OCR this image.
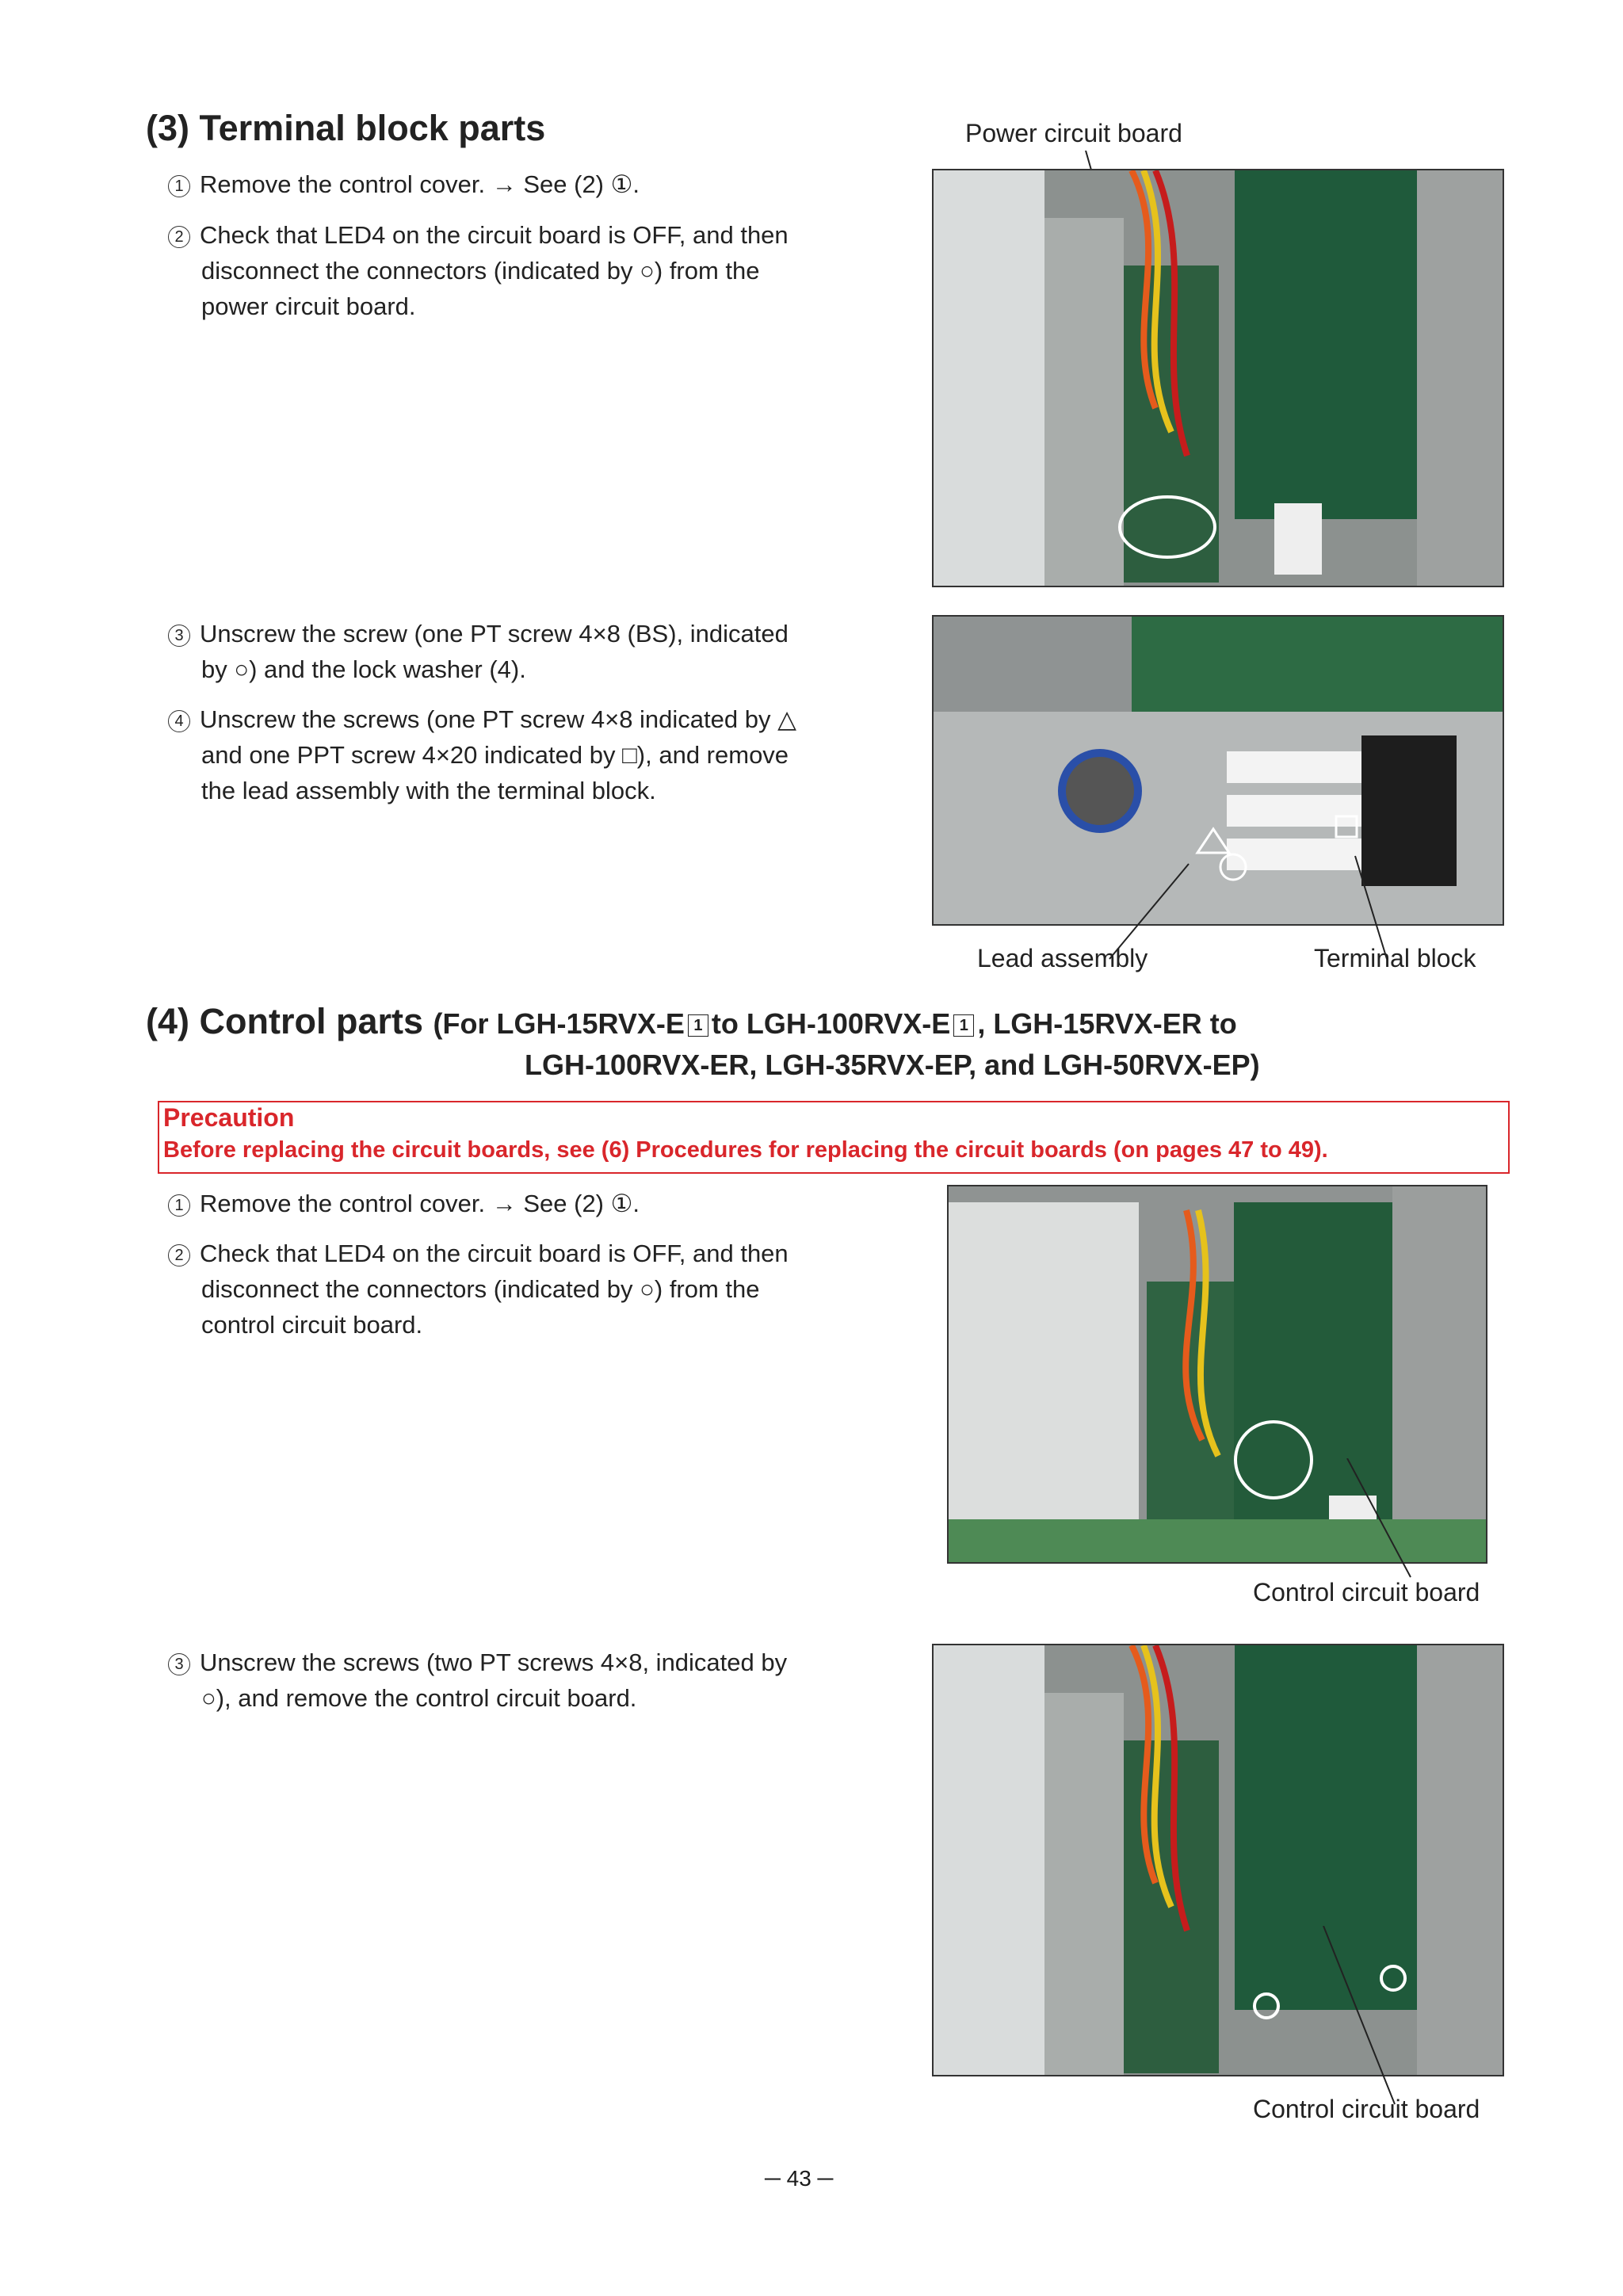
(3) Terminal block parts
1 Remove the control cover. → See (2) ①.
2 Check that LED4 on the circuit board is OFF, and then
disconnect the connectors (indicated by ○) from the
power circuit board.
Power circuit board
3 Unscrew the screw (one PT screw 4×8 (BS), indicated
by ○) and the lock washer (4).
4 Unscrew the screws (one PT screw 4×8 indicated by △
and one PPT screw 4×20 indicated by □), and remove
the lead assembly with the terminal block.
Lead assembly	Terminal block
(4) Control parts (For LGH-15RVX-E 1 to LGH-100RVX-E 1 , LGH-15RVX-ER to
LGH-100RVX-ER, LGH-35RVX-EP, and LGH-50RVX-EP)
Precaution
Before replacing the circuit boards, see (6) Procedures for replacing the circuit boards (on pages 47 to 49).
1 Remove the control cover. → See (2) ①.
2 Check that LED4 on the circuit board is OFF, and then
disconnect the connectors (indicated by ○) from the
control circuit board.
Control circuit board
3 Unscrew the screws (two PT screws 4×8, indicated by
○), and remove the control circuit board.
Control circuit board
─ 43 ─
